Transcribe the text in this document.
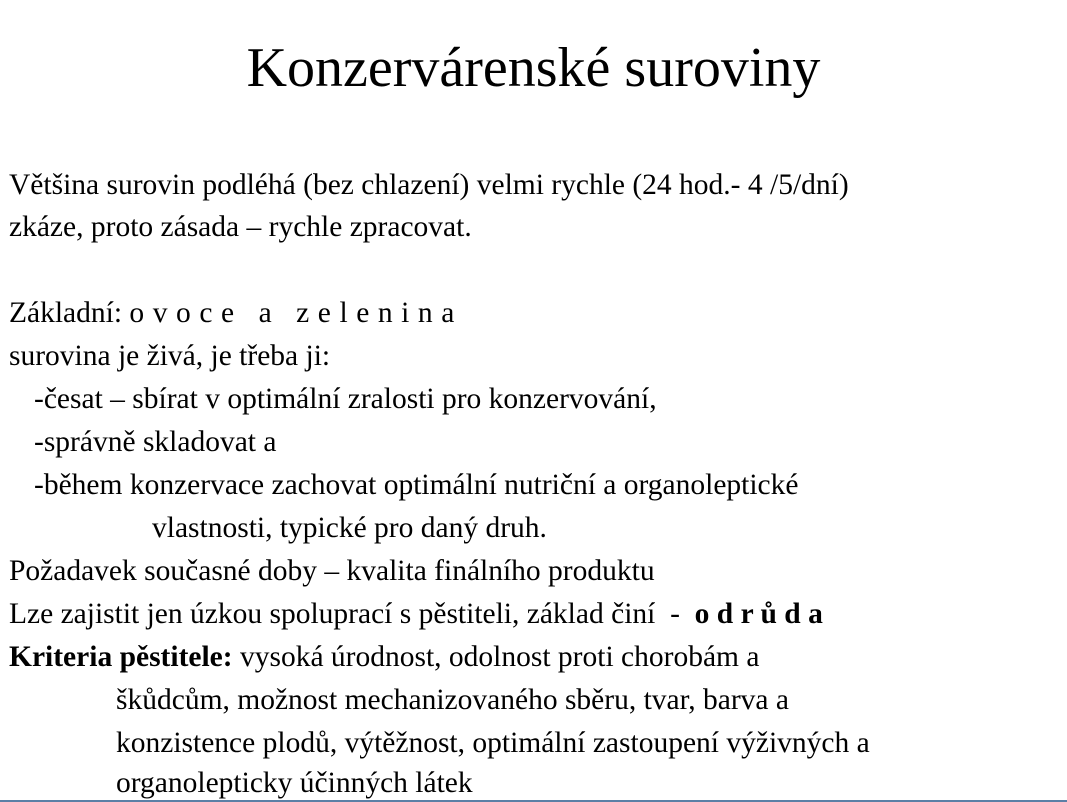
Konzervárenské suroviny
Většina surovin podléhá (bez chlazení) velmi rychle (24 hod.- 4 /5/dní)
zkáze, proto zásada – rychle zpracovat.
Základní: o v o c e   a   z e l e n i n a
surovina je živá, je třeba ji:
-česat – sbírat v optimální zralosti pro konzervování,
-správně skladovat a
-během konzervace zachovat optimální nutriční a organoleptické
vlastnosti, typické pro daný druh.
Požadavek současné doby – kvalita finálního produktu
Lze zajistit jen úzkou spoluprací s pěstiteli, základ činí  -  o d r ů d a
Kriteria pěstitele: vysoká úrodnost, odolnost proti chorobám a
škůdcům, možnost mechanizovaného sběru, tvar, barva a
konzistence plodů, výtěžnost, optimální zastoupení výživných a
organolepticky účinných látek
